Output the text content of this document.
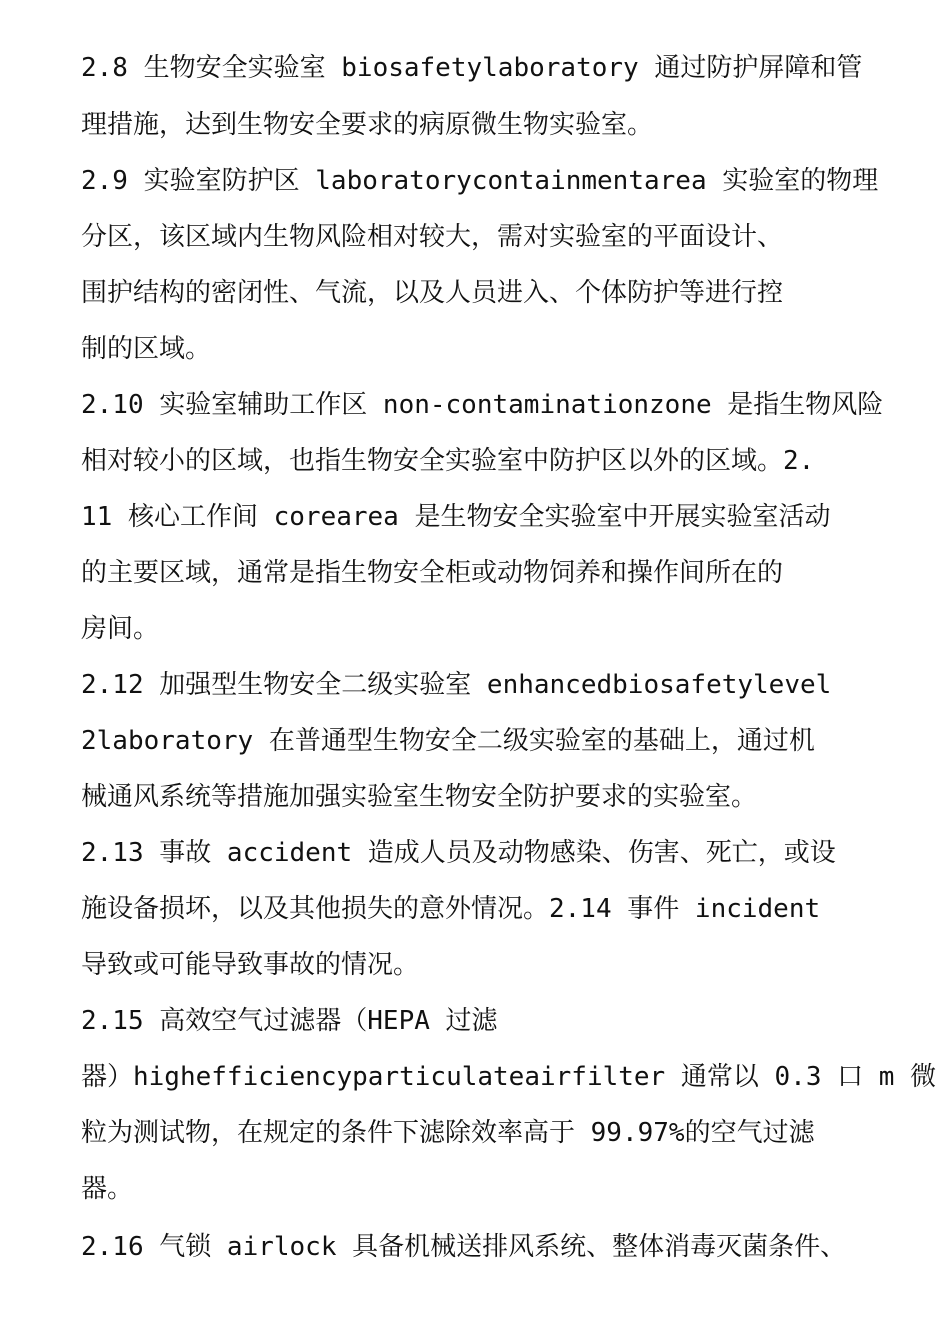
2.8 生物安全实验室 biosafetylaboratory 通过防护屏障和管
理措施，达到生物安全要求的病原微生物实验室。
2.9 实验室防护区 laboratorycontainmentarea 实验室的物理
分区，该区域内生物风险相对较大，需对实验室的平面设计、
围护结构的密闭性、气流，以及人员进入、个体防护等进行控
制的区域。
2.10 实验室辅助工作区 non-contaminationzone 是指生物风险
相对较小的区域，也指生物安全实验室中防护区以外的区域。2.
11 核心工作间 corearea 是生物安全实验室中开展实验室活动
的主要区域，通常是指生物安全柜或动物饲养和操作间所在的
房间。
2.12 加强型生物安全二级实验室 enhancedbiosafetylevel
2laboratory 在普通型生物安全二级实验室的基础上，通过机
械通风系统等措施加强实验室生物安全防护要求的实验室。
2.13 事故 accident 造成人员及动物感染、伤害、死亡，或设
施设备损坏，以及其他损失的意外情况。2.14 事件 incident
导致或可能导致事故的情况。
2.15 高效空气过滤器（HEPA 过滤
器）highefficiencyparticulateairfilter 通常以 0.3 口 m 微
粒为测试物，在规定的条件下滤除效率高于 99.97%的空气过滤
器。
2.16 气锁 airlock 具备机械送排风系统、整体消毒灭菌条件、
